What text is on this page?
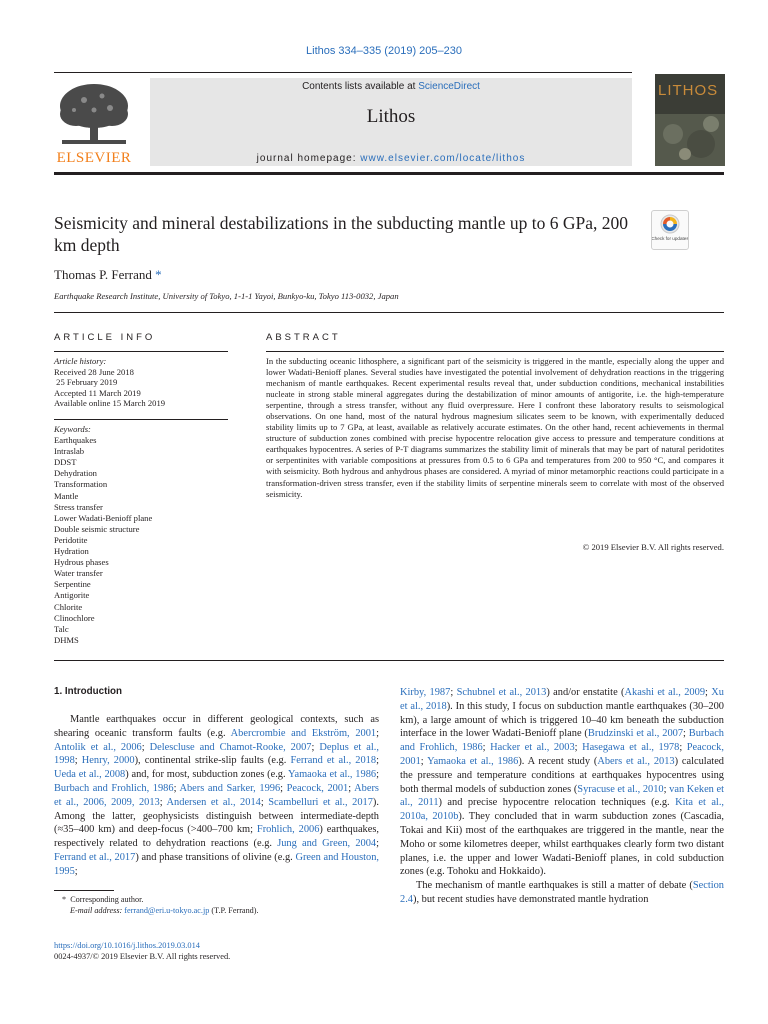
Lithos 334–335 (2019) 205–230
ELSEVIER
Contents lists available at ScienceDirect
Lithos
journal homepage: www.elsevier.com/locate/lithos
LITHOS
Seismicity and mineral destabilizations in the subducting mantle up to 6 GPa, 200 km depth	Check for updates
Thomas P. Ferrand *
Earthquake Research Institute, University of Tokyo, 1-1-1 Yayoi, Bunkyo-ku, Tokyo 113-0032, Japan
ARTICLE INFO
Article history:
Received 28 June 2018
25 February 2019
Accepted 11 March 2019
Available online 15 March 2019
Keywords:
Earthquakes
Intraslab
DDST
Dehydration
Transformation
Mantle
Stress transfer
Lower Wadati-Benioff plane
Double seismic structure
Peridotite
Hydration
Hydrous phases
Water transfer
Serpentine
Antigorite
Chlorite
Clinochlore
Talc
DHMS
ABSTRACT
In the subducting oceanic lithosphere, a significant part of the seismicity is triggered in the mantle, especially along the upper and lower Wadati-Benioff planes. Several studies have investigated the potential involvement of dehydration reactions in the triggering mechanism of mantle earthquakes. Recent experimental results reveal that, under subduction conditions, mechanical instabilities nucleate in strong stable mineral aggregates during the destabilization of minor amounts of antigorite, i.e. the high-temperature serpentine, through a stress transfer, without any fluid overpressure. Here I confront these laboratory results to seismological observations. On one hand, most of the natural hydrous magnesium silicates seem to be known, with experimentally deduced stability limits up to 7 GPa, at least, available as relatively accurate estimates. On the other hand, recent achievements in thermal structure of subduction zones combined with precise hypocentre relocation give access to pressure and temperature conditions at earthquakes hypocentres. A series of P-T diagrams summarizes the stability limit of minerals that may be part of natural peridotites or serpentinites with variable compositions at pressures from 0.5 to 6 GPa and temperatures from 200 to 950 °C, and compares it with seismicity. Both hydrous and anhydrous phases are considered. A myriad of minor metamorphic reactions could participate in a transformation-driven stress transfer, even if the stability limits of serpentine minerals seem to correlate with most of the observed seismicity.
© 2019 Elsevier B.V. All rights reserved.
1. Introduction
Mantle earthquakes occur in different geological contexts, such as shearing oceanic transform faults (e.g. Abercrombie and Ekström, 2001; Antolik et al., 2006; Delescluse and Chamot-Rooke, 2007; Deplus et al., 1998; Henry, 2000), continental strike-slip faults (e.g. Ferrand et al., 2018; Ueda et al., 2008) and, for most, subduction zones (e.g. Yamaoka et al., 1986; Burbach and Frohlich, 1986; Abers and Sarker, 1996; Peacock, 2001; Abers et al., 2006, 2009, 2013; Andersen et al., 2014; Scambelluri et al., 2017). Among the latter, geophysicists distinguish between intermediate-depth (≈35–400 km) and deep-focus (>400–700 km; Frohlich, 2006) earthquakes, respectively related to dehydration reactions (e.g. Jung and Green, 2004; Ferrand et al., 2017) and phase transitions of olivine (e.g. Green and Houston, 1995;
Kirby, 1987; Schubnel et al., 2013) and/or enstatite (Akashi et al., 2009; Xu et al., 2018). In this study, I focus on subduction mantle earthquakes (30–200 km), a large amount of which is triggered 10–40 km beneath the subduction interface in the lower Wadati-Benioff plane (Brudzinski et al., 2007; Burbach and Frohlich, 1986; Hacker et al., 2003; Hasegawa et al., 1978; Peacock, 2001; Yamaoka et al., 1986). A recent study (Abers et al., 2013) calculated the pressure and temperature conditions at earthquakes hypocentres using both thermal models of subduction zones (Syracuse et al., 2010; van Keken et al., 2011) and precise hypocentre relocation techniques (e.g. Kita et al., 2010a, 2010b). They concluded that in warm subduction zones (Cascadia, Tokai and Kii) most of the earthquakes are triggered in the mantle, near the Moho or some kilometres deeper, whilst earthquakes clearly form two distant planes, i.e. the upper and lower Wadati-Benioff planes, in cold subduction zones (e.g. Tohoku and Hokkaido).
The mechanism of mantle earthquakes is still a matter of debate (Section 2.4), but recent studies have demonstrated mantle hydration
* Corresponding author.
E-mail address: ferrand@eri.u-tokyo.ac.jp (T.P. Ferrand).
https://doi.org/10.1016/j.lithos.2019.03.014
0024-4937/© 2019 Elsevier B.V. All rights reserved.
